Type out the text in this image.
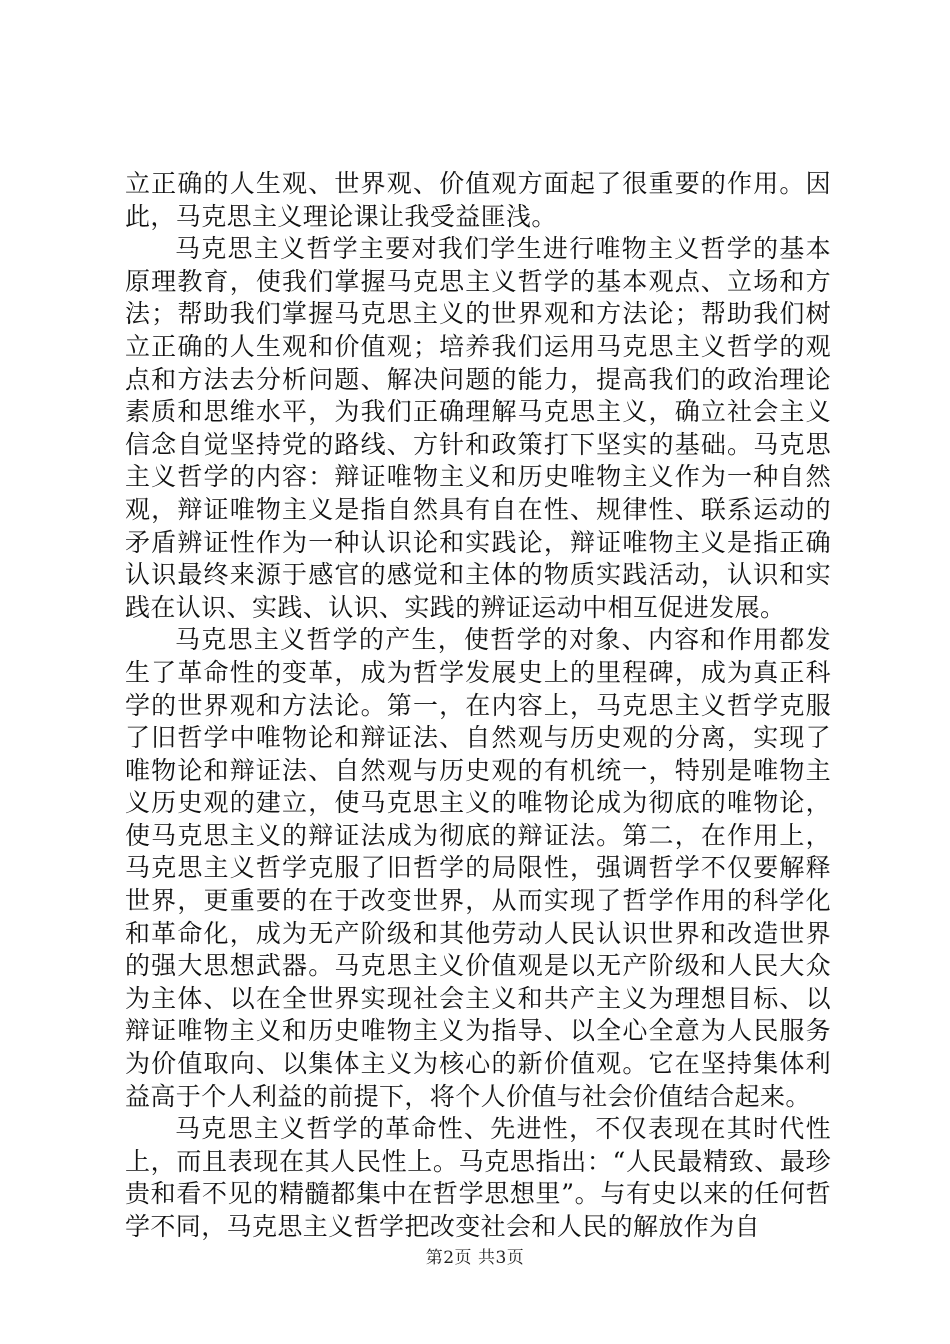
立正确的人生观、世界观、价值观方面起了很重要的作用。因此，马克思主义理论课让我受益匪浅。

马克思主义哲学主要对我们学生进行唯物主义哲学的基本原理教育，使我们掌握马克思主义哲学的基本观点、立场和方法；帮助我们掌握马克思主义的世界观和方法论；帮助我们树立正确的人生观和价值观；培养我们运用马克思主义哲学的观点和方法去分析问题、解决问题的能力，提高我们的政治理论素质和思维水平，为我们正确理解马克思主义，确立社会主义信念自觉坚持党的路线、方针和政策打下坚实的基础。马克思主义哲学的内容：辩证唯物主义和历史唯物主义作为一种自然观，辩证唯物主义是指自然具有自在性、规律性、联系运动的矛盾辨证性作为一种认识论和实践论，辩证唯物主义是指正确认识最终来源于感官的感觉和主体的物质实践活动，认识和实践在认识、实践、认识、实践的辨证运动中相互促进发展。

马克思主义哲学的产生，使哲学的对象、内容和作用都发生了革命性的变革，成为哲学发展史上的里程碑，成为真正科学的世界观和方法论。第一，在内容上，马克思主义哲学克服了旧哲学中唯物论和辩证法、自然观与历史观的分离，实现了唯物论和辩证法、自然观与历史观的有机统一，特别是唯物主义历史观的建立，使马克思主义的唯物论成为彻底的唯物论，使马克思主义的辩证法成为彻底的辩证法。第二，在作用上，马克思主义哲学克服了旧哲学的局限性，强调哲学不仅要解释世界，更重要的在于改变世界，从而实现了哲学作用的科学化和革命化，成为无产阶级和其他劳动人民认识世界和改造世界的强大思想武器。马克思主义价值观是以无产阶级和人民大众为主体、以在全世界实现社会主义和共产主义为理想目标、以辩证唯物主义和历史唯物主义为指导、以全心全意为人民服务为价值取向、以集体主义为核心的新价值观。它在坚持集体利益高于个人利益的前提下，将个人价值与社会价值结合起来。

马克思主义哲学的革命性、先进性，不仅表现在其时代性上，而且表现在其人民性上。马克思指出：“人民最精致、最珍贵和看不见的精髓都集中在哲学思想里”。与有史以来的任何哲学不同，马克思主义哲学把改变社会和人民的解放作为自

第2页 共3页
